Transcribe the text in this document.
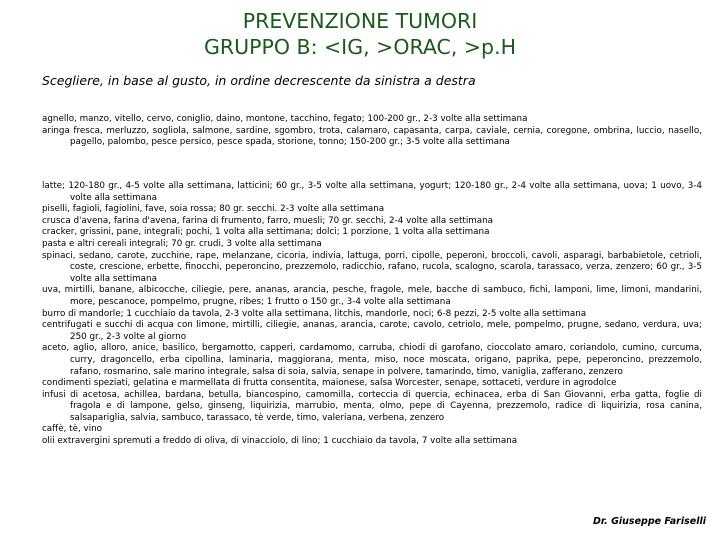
PREVENZIONE TUMORI
GRUPPO B: <IG, >ORAC, >p.H
Scegliere, in base al gusto, in ordine decrescente da sinistra a destra
agnello, manzo, vitello, cervo, coniglio, daino, montone, tacchino, fegato; 100-200 gr., 2-3 volte alla settimana
aringa fresca, merluzzo, sogliola, salmone, sardine, sgombro, trota, calamaro, capasanta, carpa, caviale, cernia, coregone, ombrina, luccio, nasello, pagello, palombo, pesce persico, pesce spada, storione, tonno; 150-200 gr.; 3-5 volte alla settimana
latte; 120-180 gr., 4-5 volte alla settimana, latticini; 60 gr., 3-5 volte alla settimana, yogurt; 120-180 gr., 2-4 volte alla settimana, uova; 1 uovo, 3-4 volte alla settimana
piselli, fagioli, fagiolini, fave, soia rossa; 80 gr. secchi. 2-3 volte alla settimana
crusca d'avena, farina d'avena, farina di frumento, farro, muesli; 70 gr. secchi, 2-4 volte alla settimana
cracker, grissini, pane, integrali; pochi, 1 volta alla settimana; dolci; 1 porzione, 1 volta alla settimana
pasta e altri cereali integrali; 70 gr. crudi, 3 volte alla settimana
spinaci, sedano, carote, zucchine, rape, melanzane, cicoria, indivia, lattuga, porri, cipolle, peperoni, broccoli, cavoli, asparagi, barbabietole, cetrioli, coste, crescione, erbette, finocchi, peperoncino, prezzemolo, radicchio, rafano, rucola, scalogno, scarola, tarassaco, verza, zenzero; 60 gr., 3-5 volte alla settimana
uva, mirtilli, banane, albicocche, ciliegie, pere, ananas, arancia, pesche, fragole, mele, bacche di sambuco, fichi, lamponi, lime, limoni, mandarini, more, pescanoce, pompelmo, prugne, ribes; 1 frutto o 150 gr., 3-4 volte alla settimana
burro di mandorle; 1 cucchiaio da tavola, 2-3 volte alla settimana, litchis, mandorle, noci; 6-8 pezzi, 2-5 volte alla settimana
centrifugati e succhi di acqua con limone, mirtilli, ciliegie, ananas, arancia, carote, cavolo, cetriolo, mele, pompelmo, prugne, sedano, verdura, uva; 250 gr., 2-3 volte al giorno
aceto, aglio, alloro, anice, basilico, bergamotto, capperi, cardamomo, carruba, chiodi di garofano, cioccolato amaro, coriandolo, cumino, curcuma, curry, dragoncello, erba cipollina, laminaria, maggiorana, menta, miso, noce moscata, origano, paprika, pepe, peperoncino, prezzemolo, rafano, rosmarino, sale marino integrale, salsa di soia, salvia, senape in polvere, tamarindo, timo, vaniglia, zafferano, zenzero
condimenti speziati, gelatina e marmellata di frutta consentita, maionese, salsa Worcester, senape, sottaceti, verdure in agrodolce
infusi di acetosa, achillea, bardana, betulla, biancospino, camomilla, corteccia di quercia, echinacea, erba di San Giovanni, erba gatta, foglie di fragola e di lampone, gelso, ginseng, liquirizia, marrubio, menta, olmo, pepe di Cayenna, prezzemolo, radice di liquirizia, rosa canina, salsapariglia, salvia, sambuco, tarassaco, tè verde, timo, valeriana, verbena, zenzero
caffè, tè, vino
olii extravergini spremuti a freddo di oliva, di vinacciolo, di lino; 1 cucchiaio da tavola, 7 volte alla settimana
Dr. Giuseppe Fariselli
